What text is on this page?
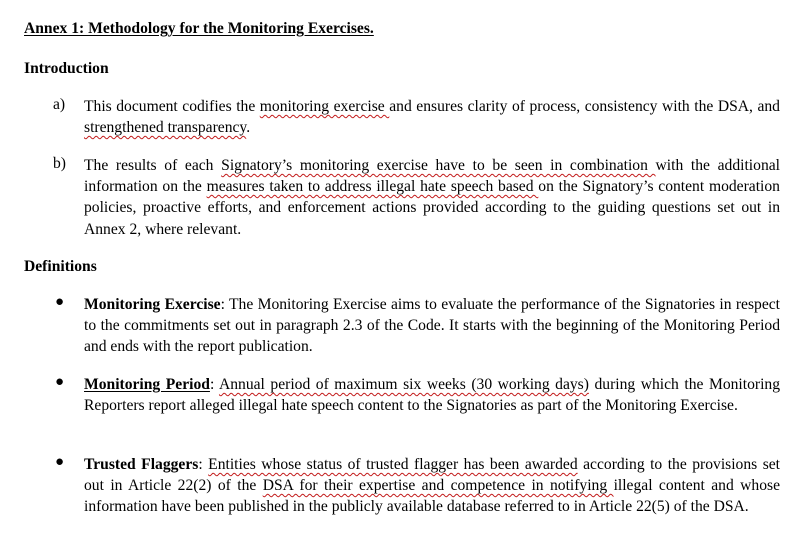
Annex 1: Methodology for the Monitoring Exercises.
Introduction
a) This document codifies the monitoring exercise and ensures clarity of process, consistency with the DSA, and strengthened transparency.
b) The results of each Signatory’s monitoring exercise have to be seen in combination with the additional information on the measures taken to address illegal hate speech based on the Signatory’s content moderation policies, proactive efforts, and enforcement actions provided according to the guiding questions set out in Annex 2, where relevant.
Definitions
● Monitoring Exercise: The Monitoring Exercise aims to evaluate the performance of the Signatories in respect to the commitments set out in paragraph 2.3 of the Code. It starts with the beginning of the Monitoring Period and ends with the report publication.
● Monitoring Period: Annual period of maximum six weeks (30 working days) during which the Monitoring Reporters report alleged illegal hate speech content to the Signatories as part of the Monitoring Exercise.
● Trusted Flaggers: Entities whose status of trusted flagger has been awarded according to the provisions set out in Article 22(2) of the DSA for their expertise and competence in notifying illegal content and whose information have been published in the publicly available database referred to in Article 22(5) of the DSA.
